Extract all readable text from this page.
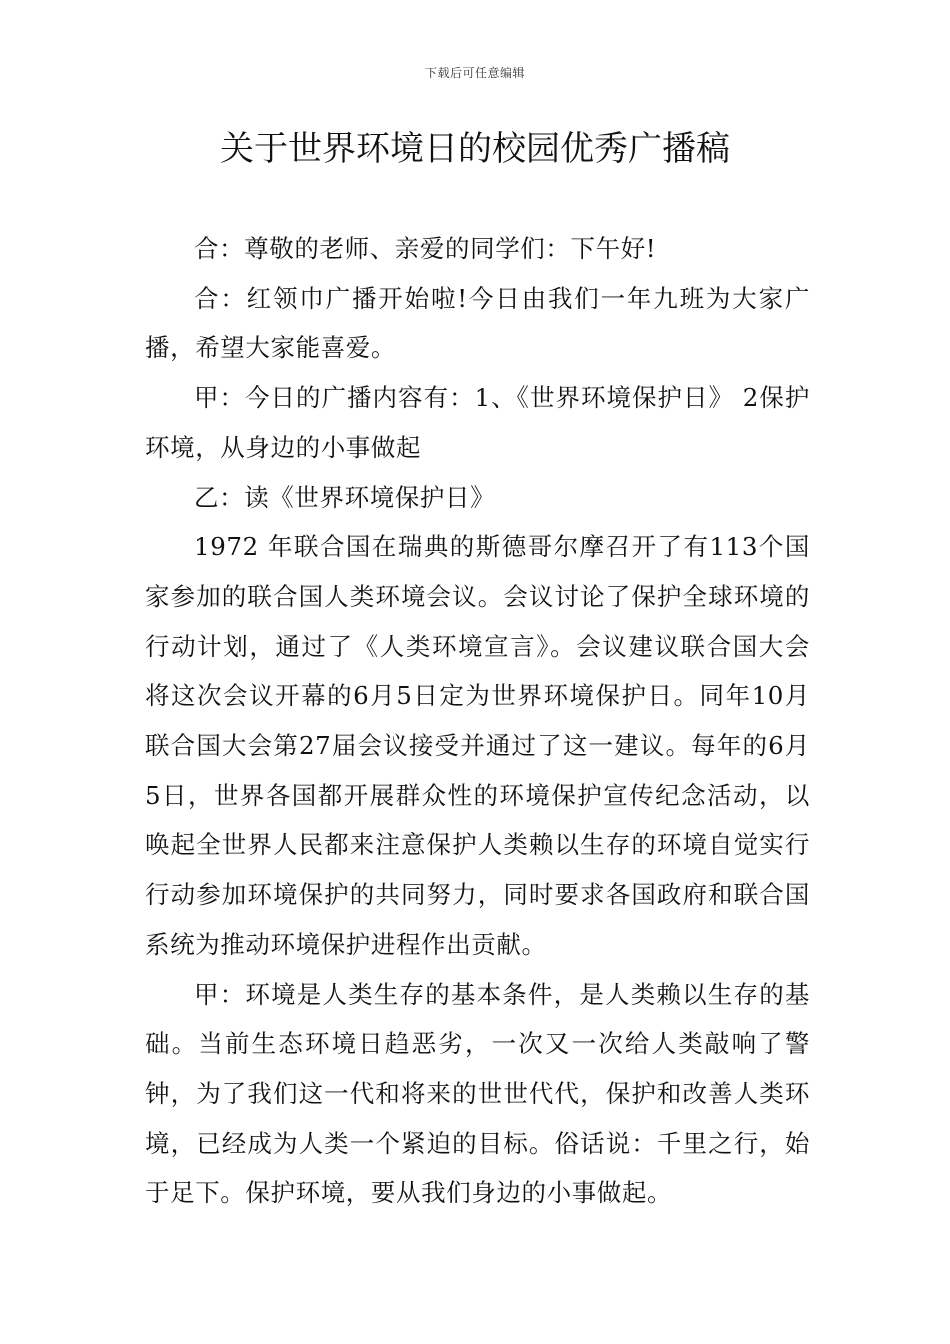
下载后可任意编辑
关于世界环境日的校园优秀广播稿

合：尊敬的老师、亲爱的同学们：下午好!

合：红领巾广播开始啦!今日由我们一年九班为大家广播，希望大家能喜爱。

甲：今日的广播内容有：1、《世界环境保护日》 2保护环境，从身边的小事做起

乙：读《世界环境保护日》

1972 年联合国在瑞典的斯德哥尔摩召开了有113个国家参加的联合国人类环境会议。会议讨论了保护全球环境的行动计划，通过了《人类环境宣言》。会议建议联合国大会将这次会议开幕的6月5日定为世界环境保护日。同年10月联合国大会第27届会议接受并通过了这一建议。每年的6月5日，世界各国都开展群众性的环境保护宣传纪念活动，以唤起全世界人民都来注意保护人类赖以生存的环境自觉实行行动参加环境保护的共同努力，同时要求各国政府和联合国系统为推动环境保护进程作出贡献。

甲：环境是人类生存的基本条件，是人类赖以生存的基础。当前生态环境日趋恶劣，一次又一次给人类敲响了警钟，为了我们这一代和将来的世世代代，保护和改善人类环境，已经成为人类一个紧迫的目标。俗话说：千里之行，始于足下。保护环境，要从我们身边的小事做起。
